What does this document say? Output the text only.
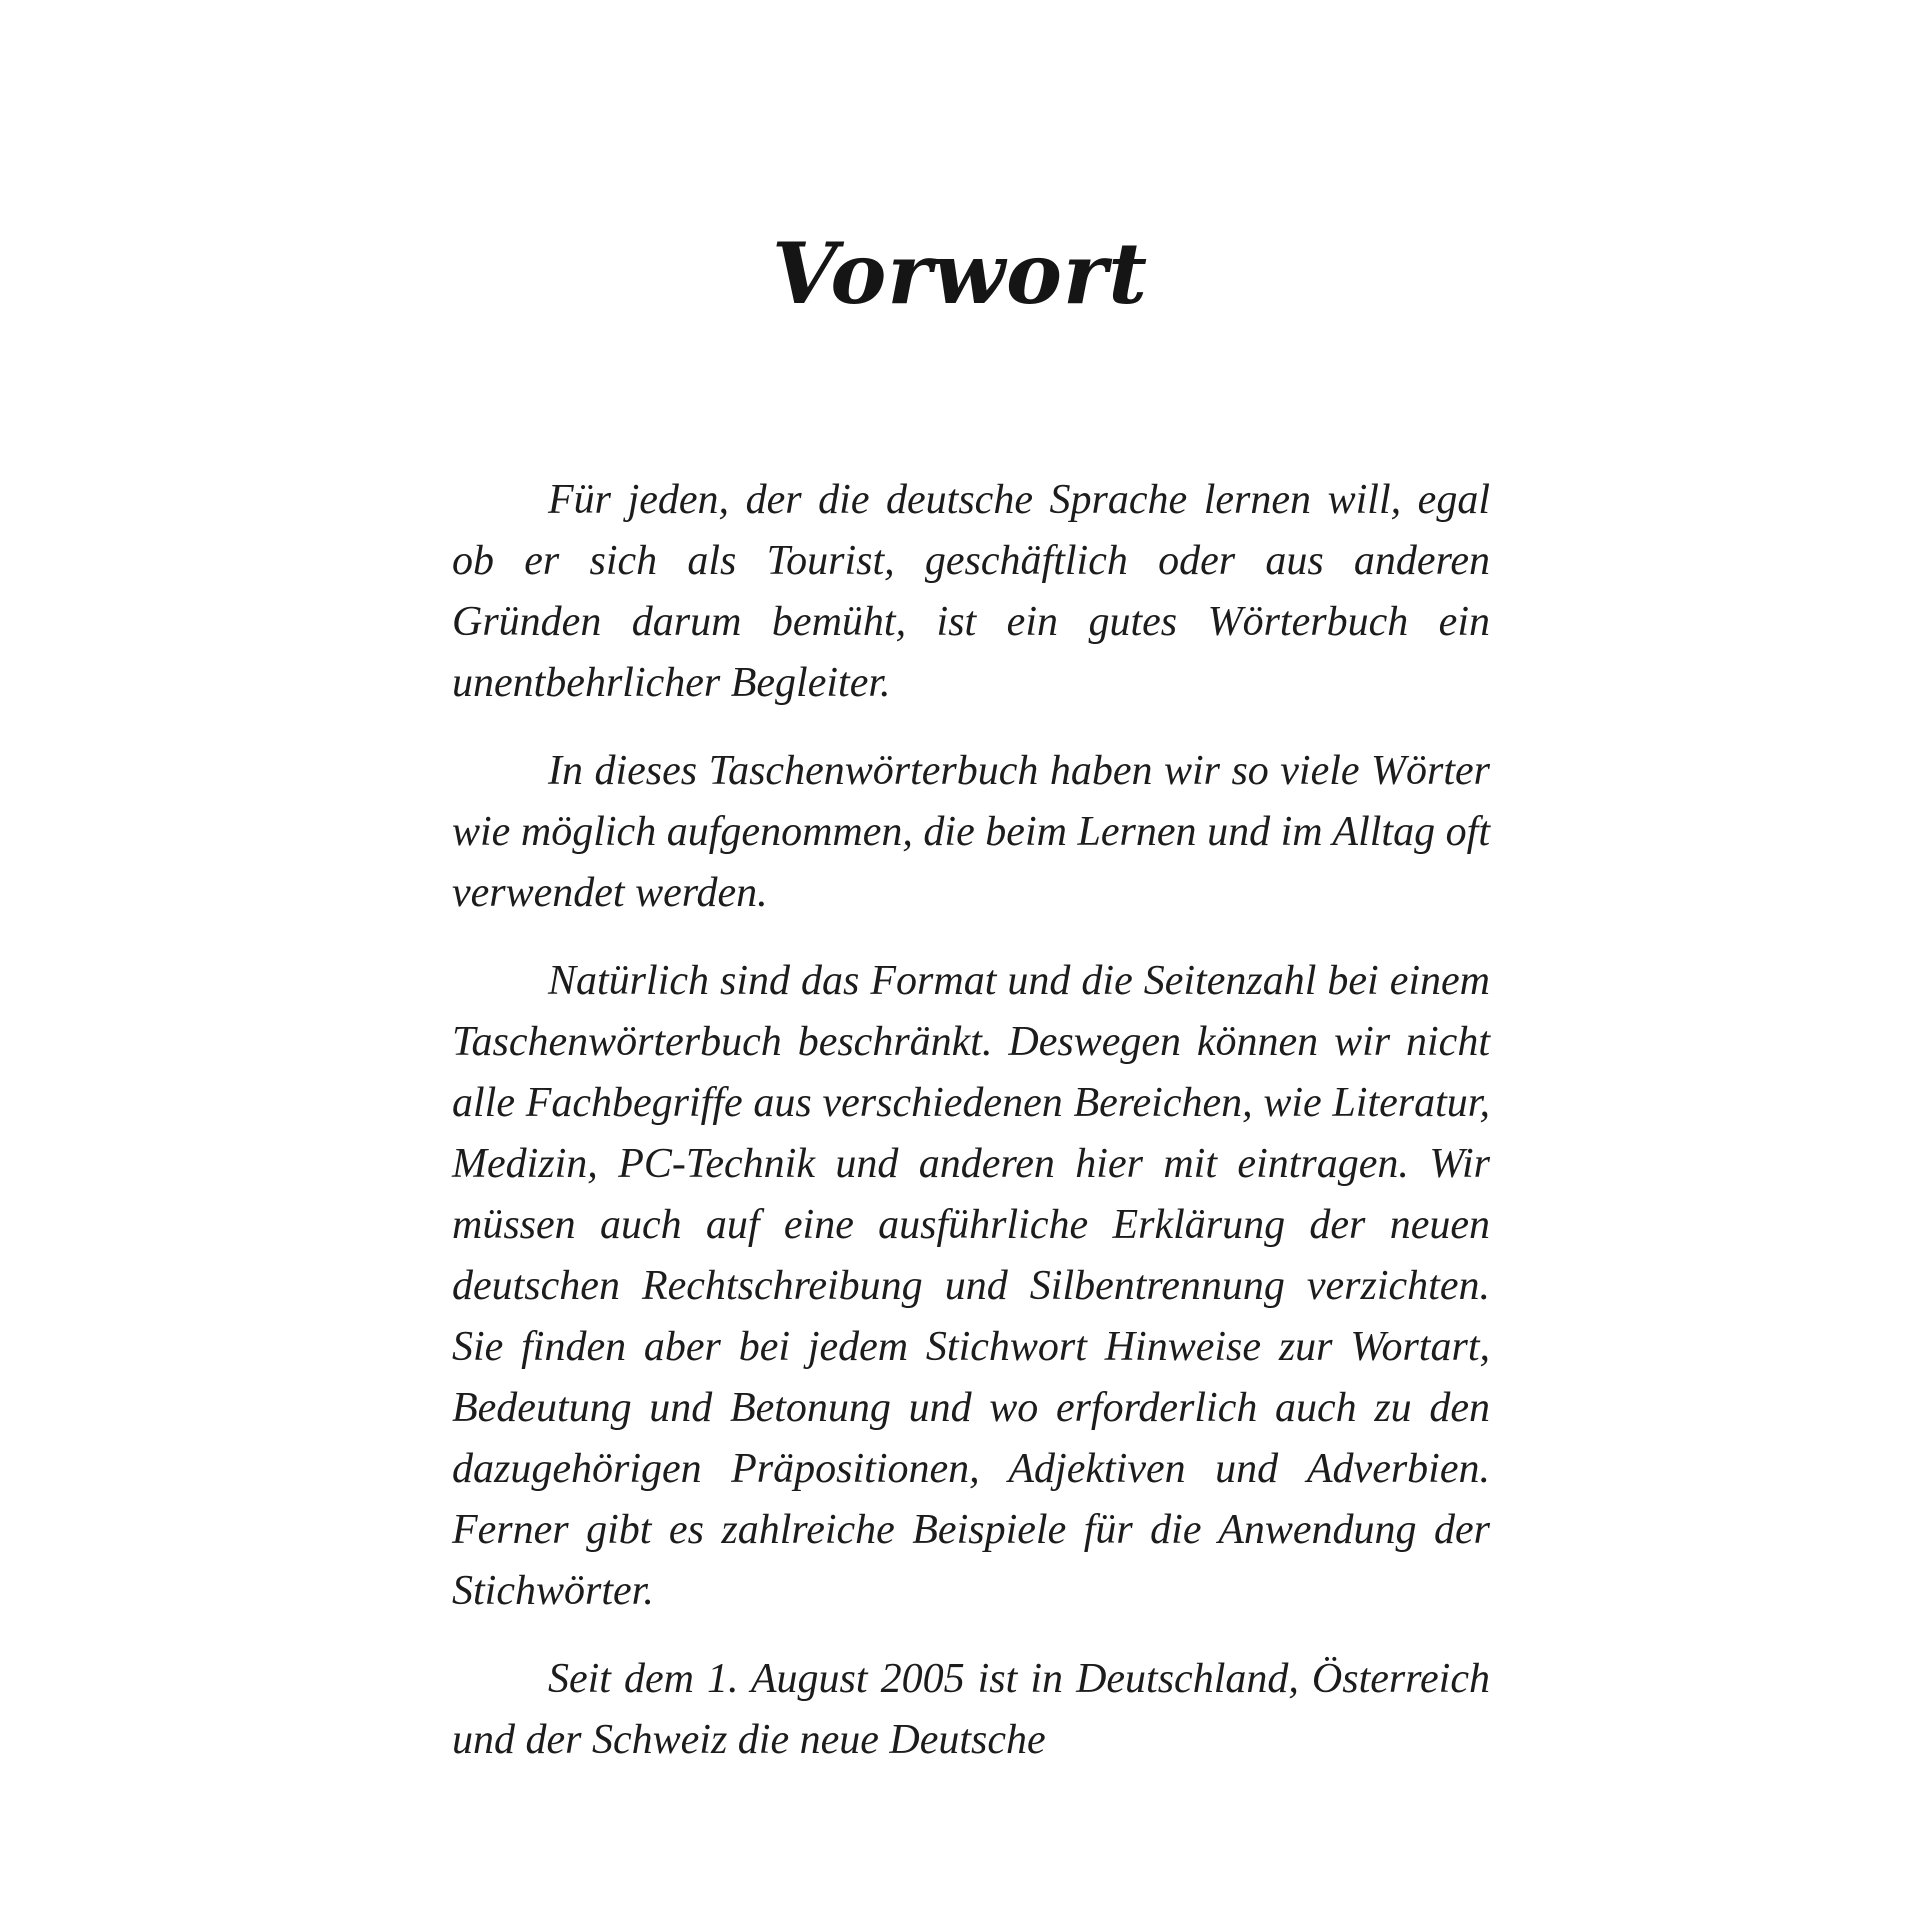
Vorwort

Für jeden, der die deutsche Sprache lernen will, egal ob er sich als Tourist, geschäftlich oder aus anderen Gründen darum bemüht, ist ein gutes Wörterbuch ein unentbehrlicher Begleiter.

In dieses Taschenwörterbuch haben wir so viele Wörter wie möglich aufgenommen, die beim Lernen und im Alltag oft verwendet werden.

Natürlich sind das Format und die Seitenzahl bei einem Taschenwörterbuch beschränkt. Deswegen können wir nicht alle Fachbegriffe aus verschiedenen Bereichen, wie Literatur, Medizin, PC-Technik und anderen hier mit eintragen. Wir müssen auch auf eine ausführliche Erklärung der neuen deutschen Rechtschreibung und Silbentrennung verzichten. Sie finden aber bei jedem Stichwort Hinweise zur Wortart, Bedeutung und Betonung und wo erforderlich auch zu den dazugehörigen Präpositionen, Adjektiven und Adverbien. Ferner gibt es zahlreiche Beispiele für die Anwendung der Stichwörter.

Seit dem 1. August 2005 ist in Deutschland, Österreich und der Schweiz die neue Deutsche
